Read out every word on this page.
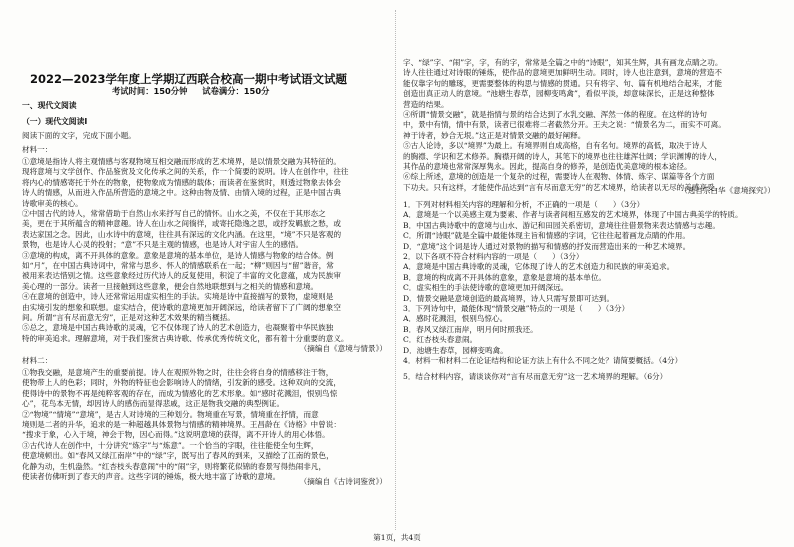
2022—2023学年度上学期辽西联合校高一期中考试语文试题
考试时间：150分钟 试卷满分：150分
一、现代文阅读
（一）现代文阅读Ⅰ
阅读下面的文字，完成下面小题。
材料一：
①意境是指诗人将主观情感与客观物境互相交融而形成的艺术境界，是以情景交融为其特征的。
现将意境与文学创作、作品鉴赏及文化传承之间的关系，作一个简要的说明。诗人在创作中，往往
将内心的情感寄托于外在的物象，使物象成为情感的载体；而读者在鉴赏时，则透过物象去体会
诗人的情感，从而进入作品所营造的意境之中。这种由物及情、由情入境的过程，正是中国古典
诗歌审美的核心。
②中国古代的诗人，常常借助于自然山水来抒写自己的情怀。山水之美，不仅在于其形态之
美，更在于其所蕴含的精神意趣。诗人在山水之间徜徉，或寄托隐逸之思，或抒发羁旅之愁，或
表达家国之念。因此，山水诗中的意境，往往具有深远的文化内涵。在这里，“境”不只是客观的
景物，也是诗人心灵的投射；“意”不只是主观的情感，也是诗人对宇宙人生的感悟。
③意境的构成，离不开具体的意象。意象是意境的基本单位，是诗人情感与物象的结合体。例
如“月”，在中国古典诗词中，常常与思乡、怀人的情感联系在一起；“柳”则因与“留”谐音，常
被用来表达惜别之情。这些意象经过历代诗人的反复使用，积淀了丰富的文化意蕴，成为民族审
美心理的一部分。读者一旦接触到这些意象，便会自然地联想到与之相关的情感和意境。
④在意境的创造中，诗人还常常运用虚实相生的手法。实境是诗中直接描写的景物，虚境则是
由实境引发的想象和联想。虚实结合，使诗歌的意境更加开阔深远，给读者留下了广阔的想象空
间。所谓“言有尽而意无穷”，正是对这种艺术效果的精当概括。
⑤总之，意境是中国古典诗歌的灵魂，它不仅体现了诗人的艺术创造力，也凝聚着中华民族独
特的审美追求。理解意境，对于我们鉴赏古典诗歌、传承优秀传统文化，都有着十分重要的意义。
（摘编自《意境与情景》）
材料二：
①物我交融，是意境产生的重要前提。诗人在观照外物之时，往往会将自身的情感移注于物，
使物带上人的色彩；同时，外物的特征也会影响诗人的情绪，引发新的感受。这种双向的交流，
使得诗中的景物不再是纯粹客观的存在，而成为情感化的艺术形象。如“感时花溅泪，恨别鸟惊
心”，花鸟本无情，却因诗人的感伤而显得悲戚，这正是物我交融的典型例证。
②“物境”“情境”“意境”，是古人对诗境的三种划分。物境重在写景，情境重在抒情，而意
境则是二者的升华，追求的是一种超越具体景物与情感的精神境界。王昌龄在《诗格》中曾说：
“搜求于象，心入于境，神会于物，因心而得。”这说明意境的获得，离不开诗人的用心体悟。
③古代诗人在创作中，十分讲究“炼字”与“炼意”。一个恰当的字眼，往往能使全句生辉，
使意境顿出。如“春风又绿江南岸”中的“绿”字，既写出了春风的到来，又描绘了江南的景色，
化静为动，生机盎然。“红杏枝头春意闹”中的“闹”字，则将繁花似锦的春景写得热闹非凡，
使读者仿佛听到了春天的声音。这些字词的锤炼，极大地丰富了诗歌的意境。
（摘编自《古诗词鉴赏》）
字、“绿”字、“闹”字，字，有的字，常常是全篇之中的“诗眼”，知其生辉，具有画龙点睛之功。
诗人往往通过对诗眼的锤炼，使作品的意境更加鲜明生动。同时，诗人也注意到，意境的营造不
能仅靠字句的雕琢，更需要整体的构思与情感的贯通。只有将字、句、篇有机地结合起来，才能
创造出真正动人的意境。“池塘生春草，园柳变鸣禽”，看似平淡，却意味深长，正是这种整体
营造的结果。
④所谓“情景交融”，就是指情与景的结合达到了水乳交融、浑然一体的程度。在这样的诗句
中，景中有情，情中有景，读者已很难将二者截然分开。王夫之说：“情景名为二，而实不可离。
神于诗者，妙合无垠。”这正是对情景交融的最好阐释。
⑤古人论诗，多以“境界”为最上。有境界则自成高格，自有名句。境界的高低，取决于诗人
的胸襟、学识和艺术修养。胸襟开阔的诗人，其笔下的境界也往往雄浑壮阔；学识渊博的诗人，
其作品的意境也常常深厚隽永。因此，提高自身的修养，是创造优美意境的根本途径。
⑥综上所述，意境的创造是一个复杂的过程，需要诗人在观物、体情、炼字、谋篇等各个方面
下功夫。只有这样，才能使作品达到“言有尽而意无穷”的艺术境界，给读者以无尽的美感享受。
（选自宗白华《意境探究》）
1．下列对材料相关内容的理解和分析，不正确的一项是（　　）（3分）
A．意境是一个以美感主观为要素、作者与读者间相互感发的艺术境界，体现了中国古典美学的特质。
B．中国古典诗歌中的意境与山水、游记和田园关系密切，意境往往借景物来表达情感与志趣。
C．所谓“诗眼”就是全篇中最能体现主旨和情感的字词，它往往起着画龙点睛的作用。
D．“意境”这个词是诗人通过对景物的描写和情感的抒发而营造出来的一种艺术境界。
2．以下各项不符合材料内容的一项是（　　）（3分）
A．意境是中国古典诗歌的灵魂，它体现了诗人的艺术创造力和民族的审美追求。
B．意境的构成离不开具体的意象，意象是意境的基本单位。
C．虚实相生的手法使诗歌的意境更加开阔深远。
D．情景交融是意境创造的最高境界，诗人只需写景即可达到。
3．下列诗句中，最能体现“情景交融”特点的一项是（　　）（3分）
A．感时花溅泪，恨别鸟惊心。
B．春风又绿江南岸，明月何时照我还。
C．红杏枝头春意闹。
D．池塘生春草，园柳变鸣禽。
4．材料一和材料二在论证结构和论证方法上有什么不同之处？请简要概括。（4分）
5．结合材料内容，请谈谈你对“言有尽而意无穷”这一艺术境界的理解。（6分）
第1页，共4页
